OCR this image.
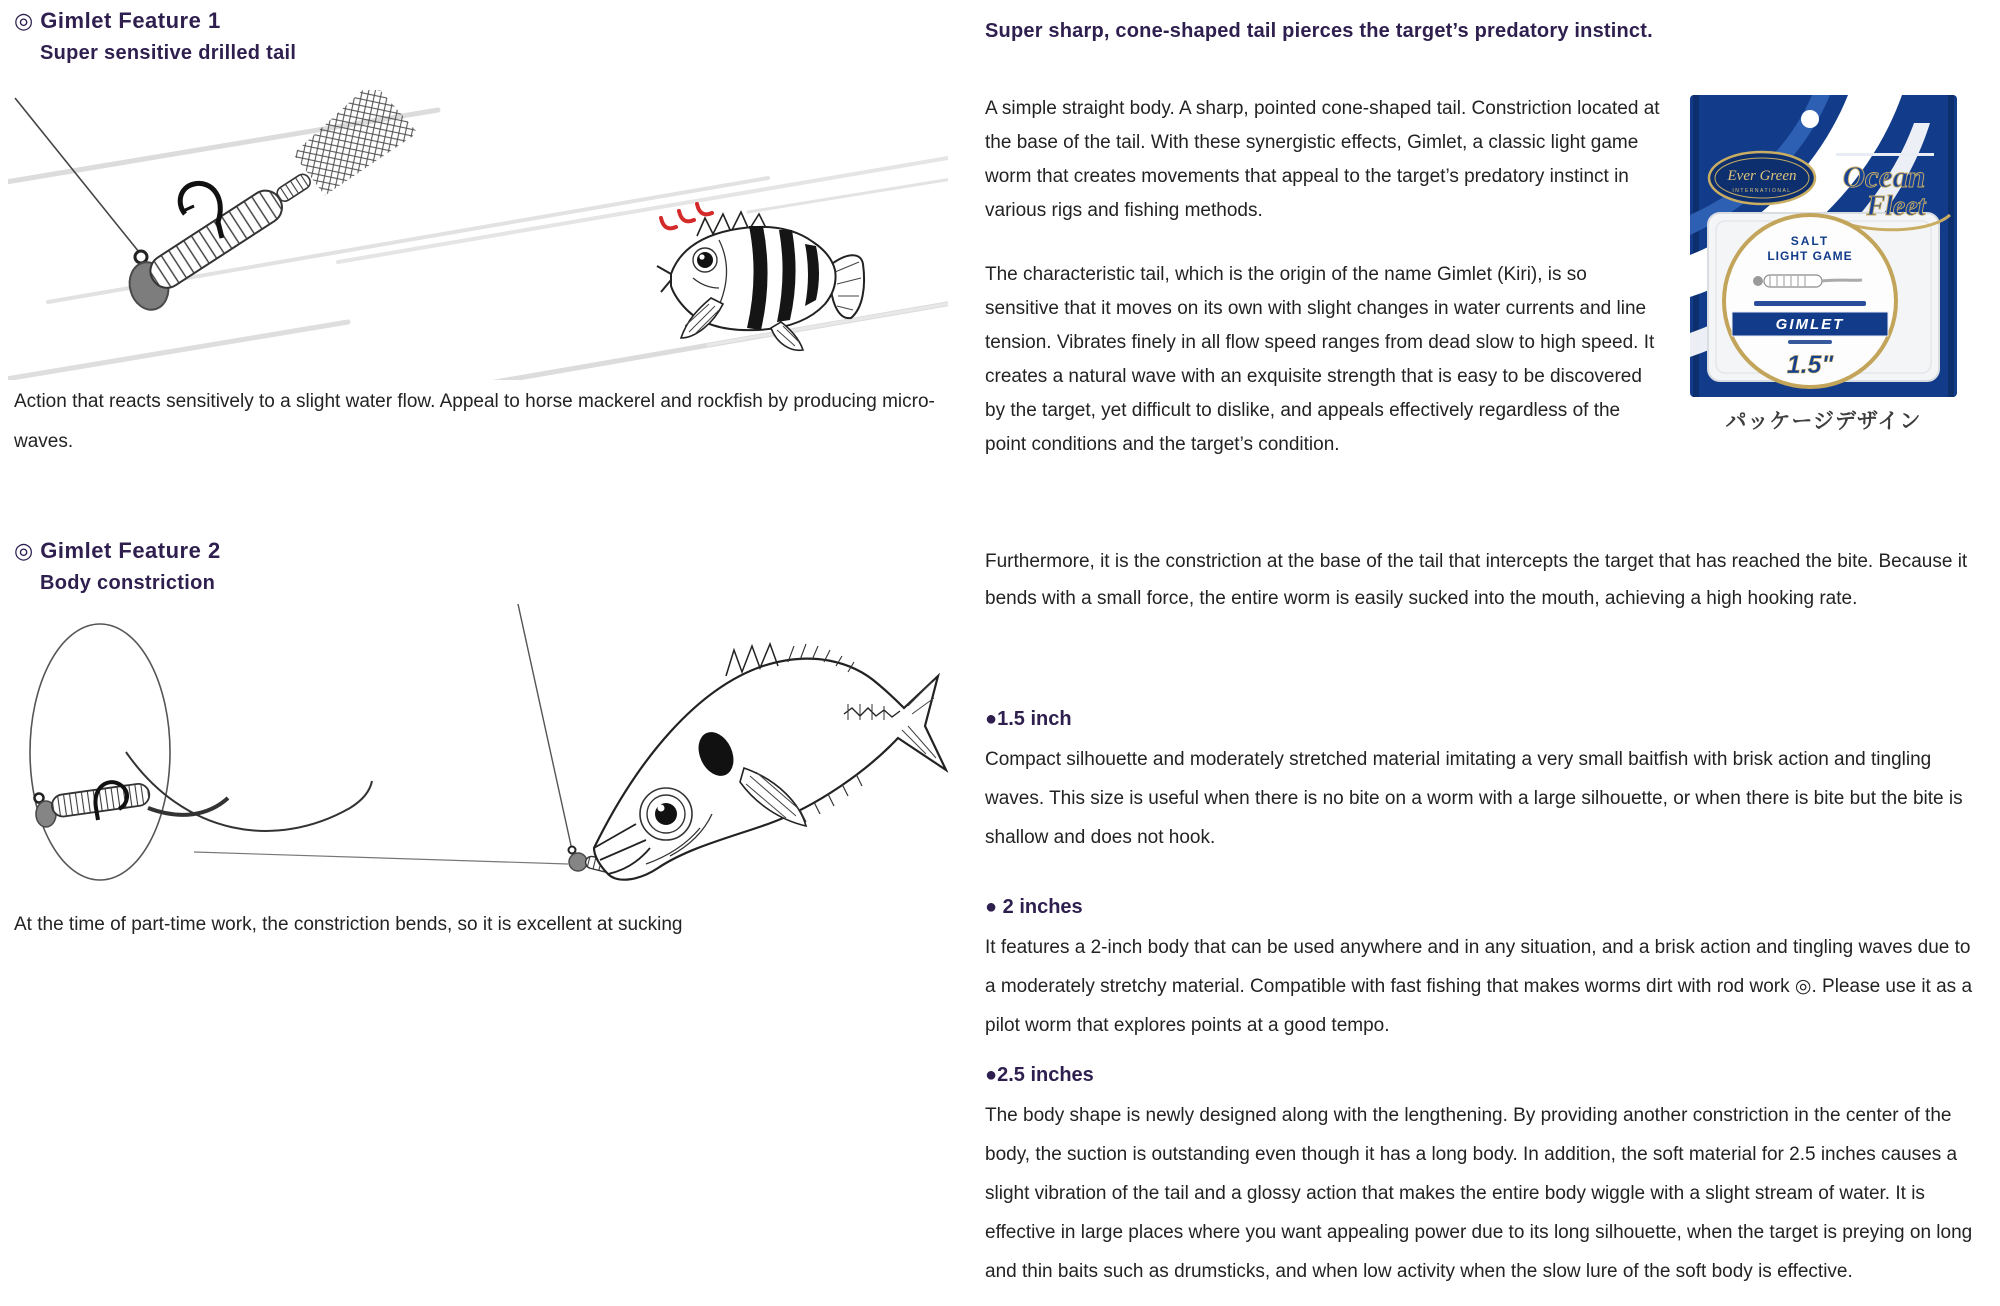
◎ Gimlet Feature 1
Super sensitive drilled tail
Action that reacts sensitively to a slight water flow. Appeal to horse mackerel and rockfish by producing micro-waves.
◎ Gimlet Feature 2
Body constriction
At the time of part-time work, the constriction bends, so it is excellent at sucking
Super sharp, cone-shaped tail pierces the target’s predatory instinct.
A simple straight body. A sharp, pointed cone-shaped tail. Constriction located at the base of the tail. With these synergistic effects, Gimlet, a classic light game worm that creates movements that appeal to the target’s predatory instinct in various rigs and fishing methods.
The characteristic tail, which is the origin of the name Gimlet (Kiri), is so sensitive that it moves on its own with slight changes in water currents and line tension. Vibrates finely in all flow speed ranges from dead slow to high speed. It creates a natural wave with an exquisite strength that is easy to be discovered by the target, yet difficult to dislike, and appeals effectively regardless of the point conditions and the target’s condition.
Ever Green
INTERNATIONAL Ocean
Fleet
SALT
LIGHT GAME
GIMLET
1.5"
パッケージデザイン
Furthermore, it is the constriction at the base of the tail that intercepts the target that has reached the bite. Because it bends with a small force, the entire worm is easily sucked into the mouth, achieving a high hooking rate.
●1.5 inch
Compact silhouette and moderately stretched material imitating a very small baitfish with brisk action and tingling waves. This size is useful when there is no bite on a worm with a large silhouette, or when there is bite but the bite is shallow and does not hook.
● 2 inches
It features a 2-inch body that can be used anywhere and in any situation, and a brisk action and tingling waves due to a moderately stretchy material. Compatible with fast fishing that makes worms dirt with rod work ◎. Please use it as a pilot worm that explores points at a good tempo.
●2.5 inches
The body shape is newly designed along with the lengthening. By providing another constriction in the center of the body, the suction is outstanding even though it has a long body. In addition, the soft material for 2.5 inches causes a slight vibration of the tail and a glossy action that makes the entire body wiggle with a slight stream of water. It is effective in large places where you want appealing power due to its long silhouette, when the target is preying on long and thin baits such as drumsticks, and when low activity when the slow lure of the soft body is effective.
